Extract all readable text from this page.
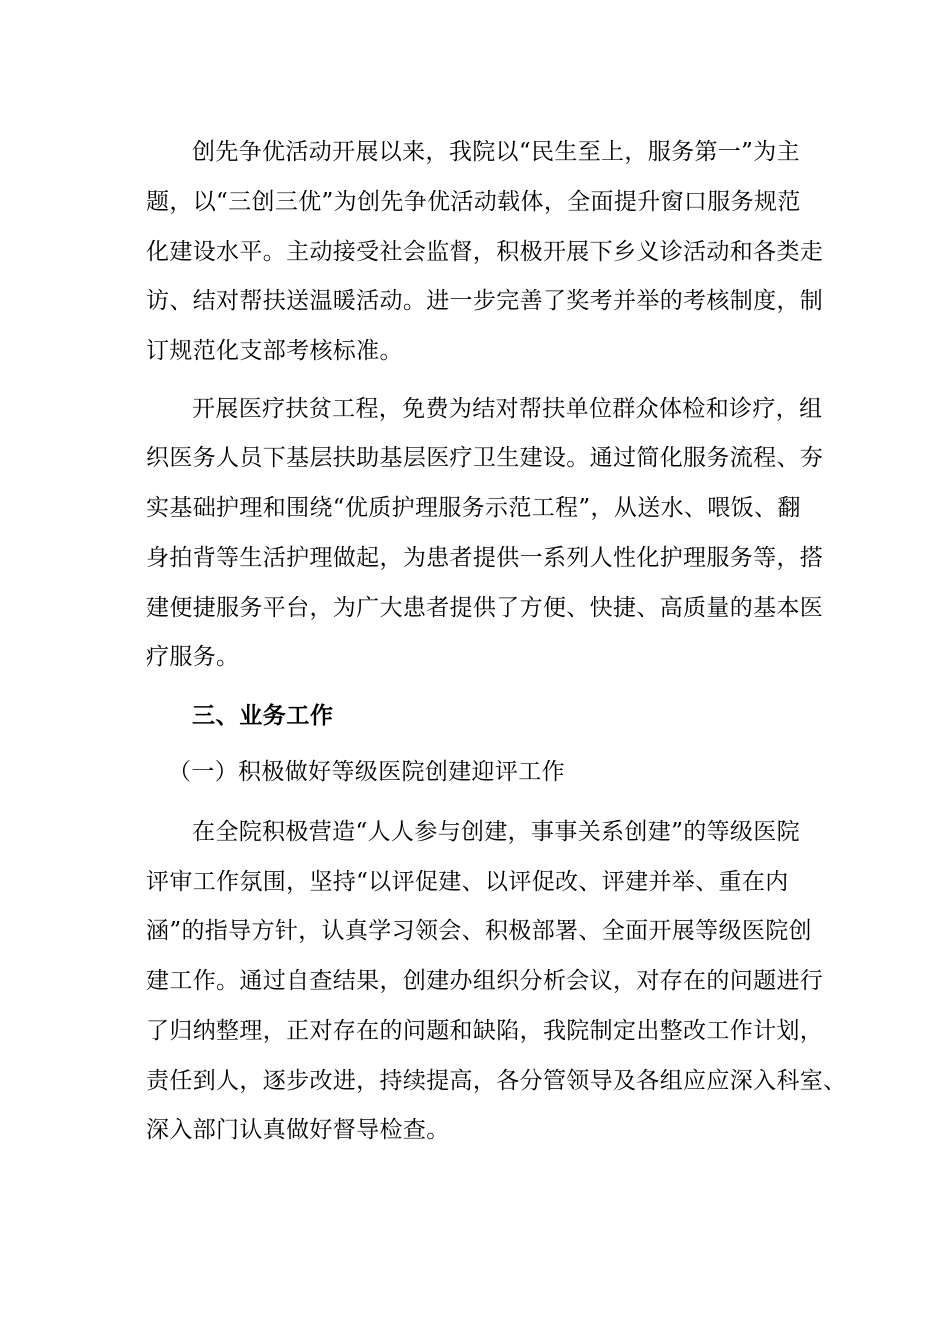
创先争优活动开展以来，我院以“民生至上，服务第一”为主
题，以“三创三优”为创先争优活动载体，全面提升窗口服务规范
化建设水平。主动接受社会监督，积极开展下乡义诊活动和各类走
访、结对帮扶送温暖活动。进一步完善了奖考并举的考核制度，制
订规范化支部考核标准。
开展医疗扶贫工程，免费为结对帮扶单位群众体检和诊疗，组
织医务人员下基层扶助基层医疗卫生建设。通过简化服务流程、夯
实基础护理和围绕“优质护理服务示范工程”，从送水、喂饭、翻
身拍背等生活护理做起，为患者提供一系列人性化护理服务等，搭
建便捷服务平台，为广大患者提供了方便、快捷、高质量的基本医
疗服务。
三、业务工作
（一）积极做好等级医院创建迎评工作
在全院积极营造“人人参与创建，事事关系创建”的等级医院
评审工作氛围，坚持“以评促建、以评促改、评建并举、重在内
涵”的指导方针，认真学习领会、积极部署、全面开展等级医院创
建工作。通过自查结果，创建办组织分析会议，对存在的问题进行
了归纳整理，正对存在的问题和缺陷，我院制定出整改工作计划，
责任到人，逐步改进，持续提高，各分管领导及各组应应深入科室、
深入部门认真做好督导检查。
